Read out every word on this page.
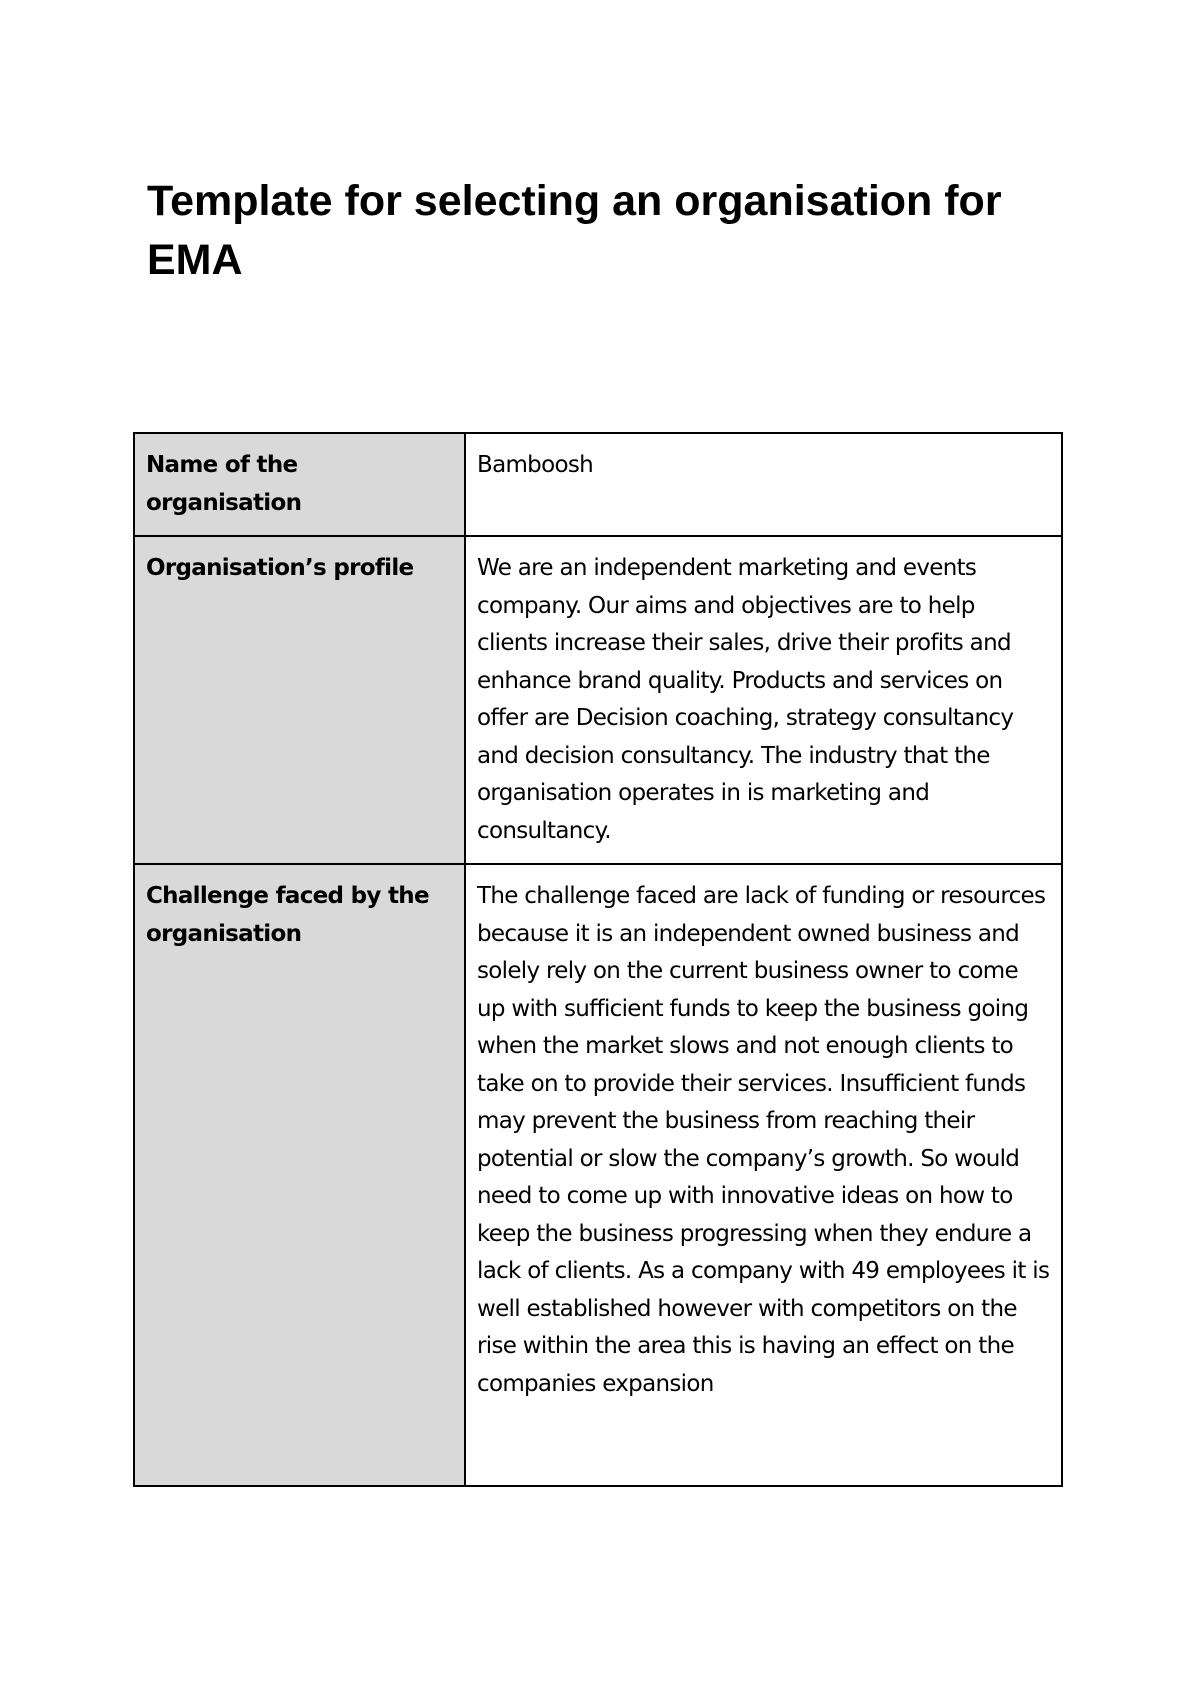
Template for selecting an organisation for EMA
Name of the organisation	Bamboosh
Organisation’s profile	We are an independent marketing and events company. Our aims and objectives are to help clients increase their sales, drive their profits and enhance brand quality. Products and services on offer are Decision coaching, strategy consultancy and decision consultancy. The industry that the organisation operates in is marketing and consultancy.
Challenge faced by the organisation	The challenge faced are lack of funding or resources because it is an independent owned business and solely rely on the current business owner to come up with sufficient funds to keep the business going when the market slows and not enough clients to take on to provide their services. Insufficient funds may prevent the business from reaching their potential or slow the company’s growth. So would need to come up with innovative ideas on how to keep the business progressing when they endure a lack of clients. As a company with 49 employees it is well established however with competitors on the rise within the area this is having an effect on the companies expansion
